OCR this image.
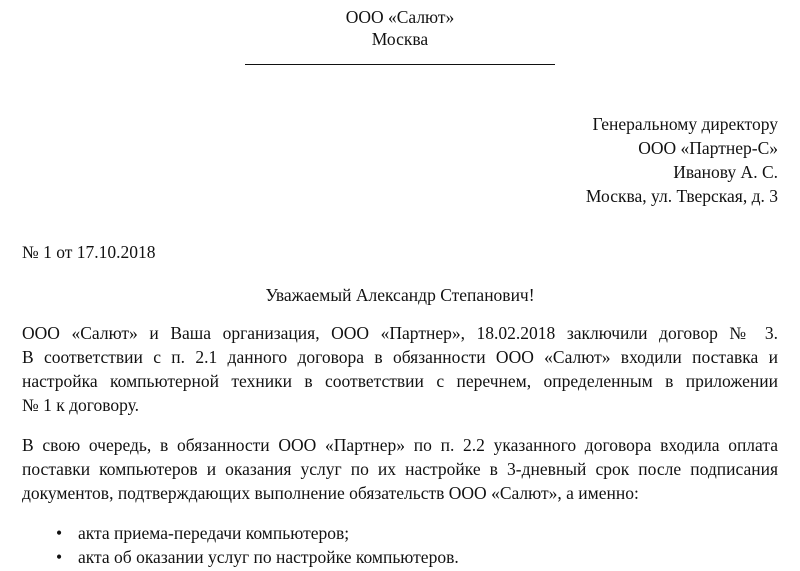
ООО «Салют»
Москва
Генеральному директору
ООО «Партнер-С»
Иванову А. С.
Москва, ул. Тверская, д. 3
№ 1 от 17.10.2018
Уважаемый Александр Степанович!
ООО «Салют» и Ваша организация, ООО «Партнер», 18.02.2018 заключили договор № 3.
В соответствии с п. 2.1 данного договора в обязанности ООО «Салют» входили поставка и
настройка компьютерной техники в соответствии с перечнем, определенным в приложении
№ 1 к договору.
В свою очередь, в обязанности ООО «Партнер» по п. 2.2 указанного договора входила оплата
поставки компьютеров и оказания услуг по их настройке в 3-дневный срок после подписания
документов, подтверждающих выполнение обязательств ООО «Салют», а именно:
• акта приема-передачи компьютеров;
• акта об оказании услуг по настройке компьютеров.
